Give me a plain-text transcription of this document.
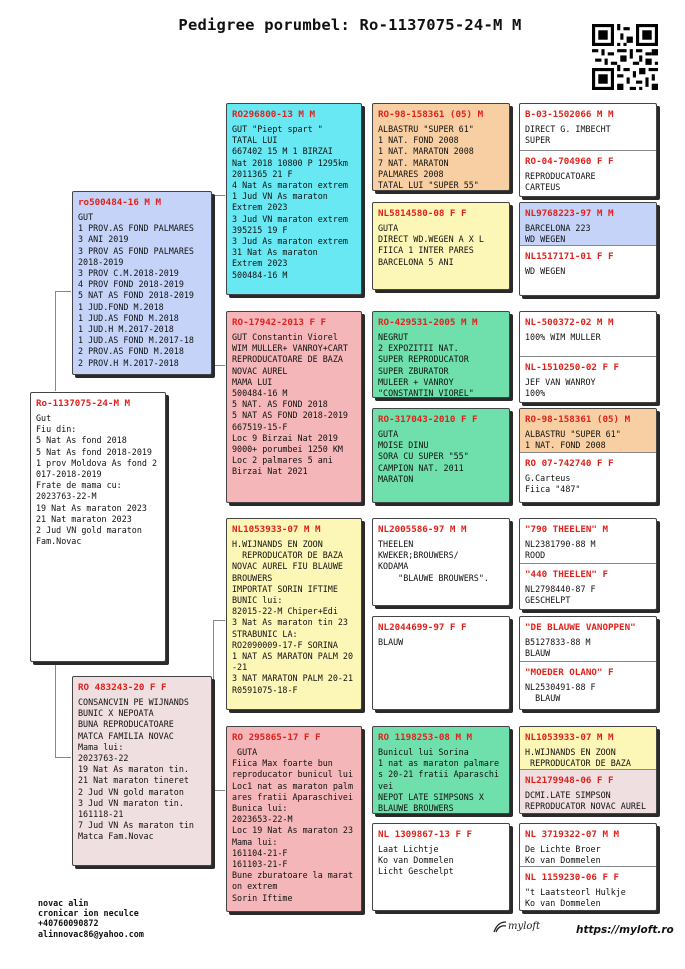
Pedigree porumbel: Ro-1137075-24-M M
Ro-1137075-24-M M
Gut
Fiu din:
5 Nat As fond 2018
5 Nat As fond 2018-2019
1 prov Moldova As fond 2
017-2018-2019
Frate de mama cu:
2023763-22-M
19 Nat As maraton 2023
21 Nat maraton 2023
2 Jud VN gold maraton
Fam.Novac
ro500484-16 M M
GUT
1 PROV.AS FOND PALMARES
3 ANI 2019
3 PROV AS FOND PALMARES
2018-2019
3 PROV C.M.2018-2019
4 PROV FOND 2018-2019
5 NAT AS FOND 2018-2019
1 JUD.FOND M.2018
1 JUD.AS FOND M.2018
1 JUD.H M.2017-2018
1 JUD.AS FOND M.2017-18
2 PROV.AS FOND M.2018
2 PROV.H M.2017-2018
RO 483243-20 F F
CONSANCVIN PE WIJNANDS
BUNIC X NEPOATA
BUNA REPRODUCATOARE
MATCA FAMILIA NOVAC
Mama lui:
2023763-22
19 Nat As maraton tin.
21 Nat maraton tineret
2 Jud VN gold maraton
3 Jud VN maraton tin.
161118-21
7 Jud VN As maraton tin
Matca Fam.Novac
RO296800-13 M M
GUT "Piept spart "
TATAL LUI
667402 15 M 1 BIRZAI
Nat 2018 10800 P 1295km
2011365 21 F
4 Nat As maraton extrem
1 Jud VN As maraton
Extrem 2023
3 Jud VN maraton extrem
395215 19 F
3 Jud As maraton extrem
31 Nat As maraton
Extrem 2023
500484-16 M
RO-17942-2013 F F
GUT Constantin Viorel
WIM MULLER+ VANROY+CART
REPRODUCATOARE DE BAZA
NOVAC AUREL
MAMA LUI
500484-16 M
5 NAT. AS FOND 2018
5 NAT AS FOND 2018-2019
667519-15-F
Loc 9 Birzai Nat 2019
9000+ porumbei 1250 KM
Loc 2 palmares 5 ani
Birzai Nat 2021
NL1053933-07 M M
H.WIJNANDS EN ZOON
REPRODUCATOR DE BAZA
NOVAC AUREL FIU BLAUWE
BROUWERS
IMPORTAT SORIN IFTIME
BUNIC lui:
82015-22-M Chiper+Edi
3 Nat As maraton tin 23
STRABUNIC LA:
RO2090009-17-F SORINA
1 NAT AS MARATON PALM 20
-21
3 NAT MARATON PALM 20-21
R0591075-18-F
RO 295865-17 F F
GUTA
Fiica Max foarte bun
reproducator bunicul lui
Loc1 nat as maraton palm
ares fratii Aparaschivei
Bunica lui:
2023653-22-M
Loc 19 Nat As maraton 23
Mama lui:
161104-21-F
161103-21-F
Bune zburatoare la marat
on extrem
Sorin Iftime
RO-98-158361 (05) M
ALBASTRU "SUPER 61"
1 NAT. FOND 2008
1 NAT. MARATON 2008
7 NAT. MARATON
PALMARES 2008
TATAL LUI "SUPER 55"
NL5814580-08 F F
GUTA
DIRECT WD.WEGEN A X L
FIICA 1 INTER PARES
BARCELONA 5 ANI
RO-429531-2005 M M
NEGRUT
2 EXPOZITII NAT.
SUPER REPRODUCATOR
SUPER ZBURATOR
MULEER + VANROY
"CONSTANTIN VIOREL"
RO-317043-2010 F F
GUTA
MOISE DINU
SORA CU SUPER "55"
CAMPION NAT. 2011
MARATON
NL2005586-97 M M
THEELEN
KWEKER;BROUWERS/
KODAMA
"BLAUWE BROUWERS".
NL2044699-97 F F
BLAUW
RO 1198253-08 M M
Bunicul lui Sorina
1 nat as maraton palmare
s 20-21 fratii Aparaschi
vei
NEPOT LATE SIMPSONS X
BLAUWE BROUWERS
NL 1309867-13 F F
Laat Lichtje
Ko van Dommelen
Licht Geschelpt
B-03-1502066 M M
DIRECT G. IMBECHT
SUPER
RO-04-704960 F F
REPRODUCATOARE
CARTEUS
NL9768223-97 M M
BARCELONA 223
WD WEGEN
NL1517171-01 F F
WD WEGEN
NL-500372-02 M M
100% WIM MULLER
NL-1510250-02 F F
JEF VAN WANROY
100%
RO-98-158361 (05) M
ALBASTRU "SUPER 61"
1 NAT. FOND 2008
RO 07-742740 F F
G.Carteus
Fiica "487"
"790 THEELEN" M
NL2381790-88 M
ROOD
"440 THEELEN" F
NL2798440-87 F
GESCHELPT
"DE BLAUWE VANOPPEN"
B5127833-88 M
BLAUW
"MOEDER OLANO" F
NL2530491-88 F
BLAUW
NL1053933-07 M M
H.WIJNANDS EN ZOON
REPRODUCATOR DE BAZA
NL2179948-06 F F
DCMI.LATE SIMPSON
REPRODUCATOR NOVAC AUREL
NL 3719322-07 M M
De Lichte Broer
Ko van Dommelen
NL 1159230-06 F F
"t Laatsteorl Hulkje
Ko van Dommelen
novac alin
cronicar ion neculce
+40760090872
alinnovac86@yahoo.com
myloft	https://myloft.ro
